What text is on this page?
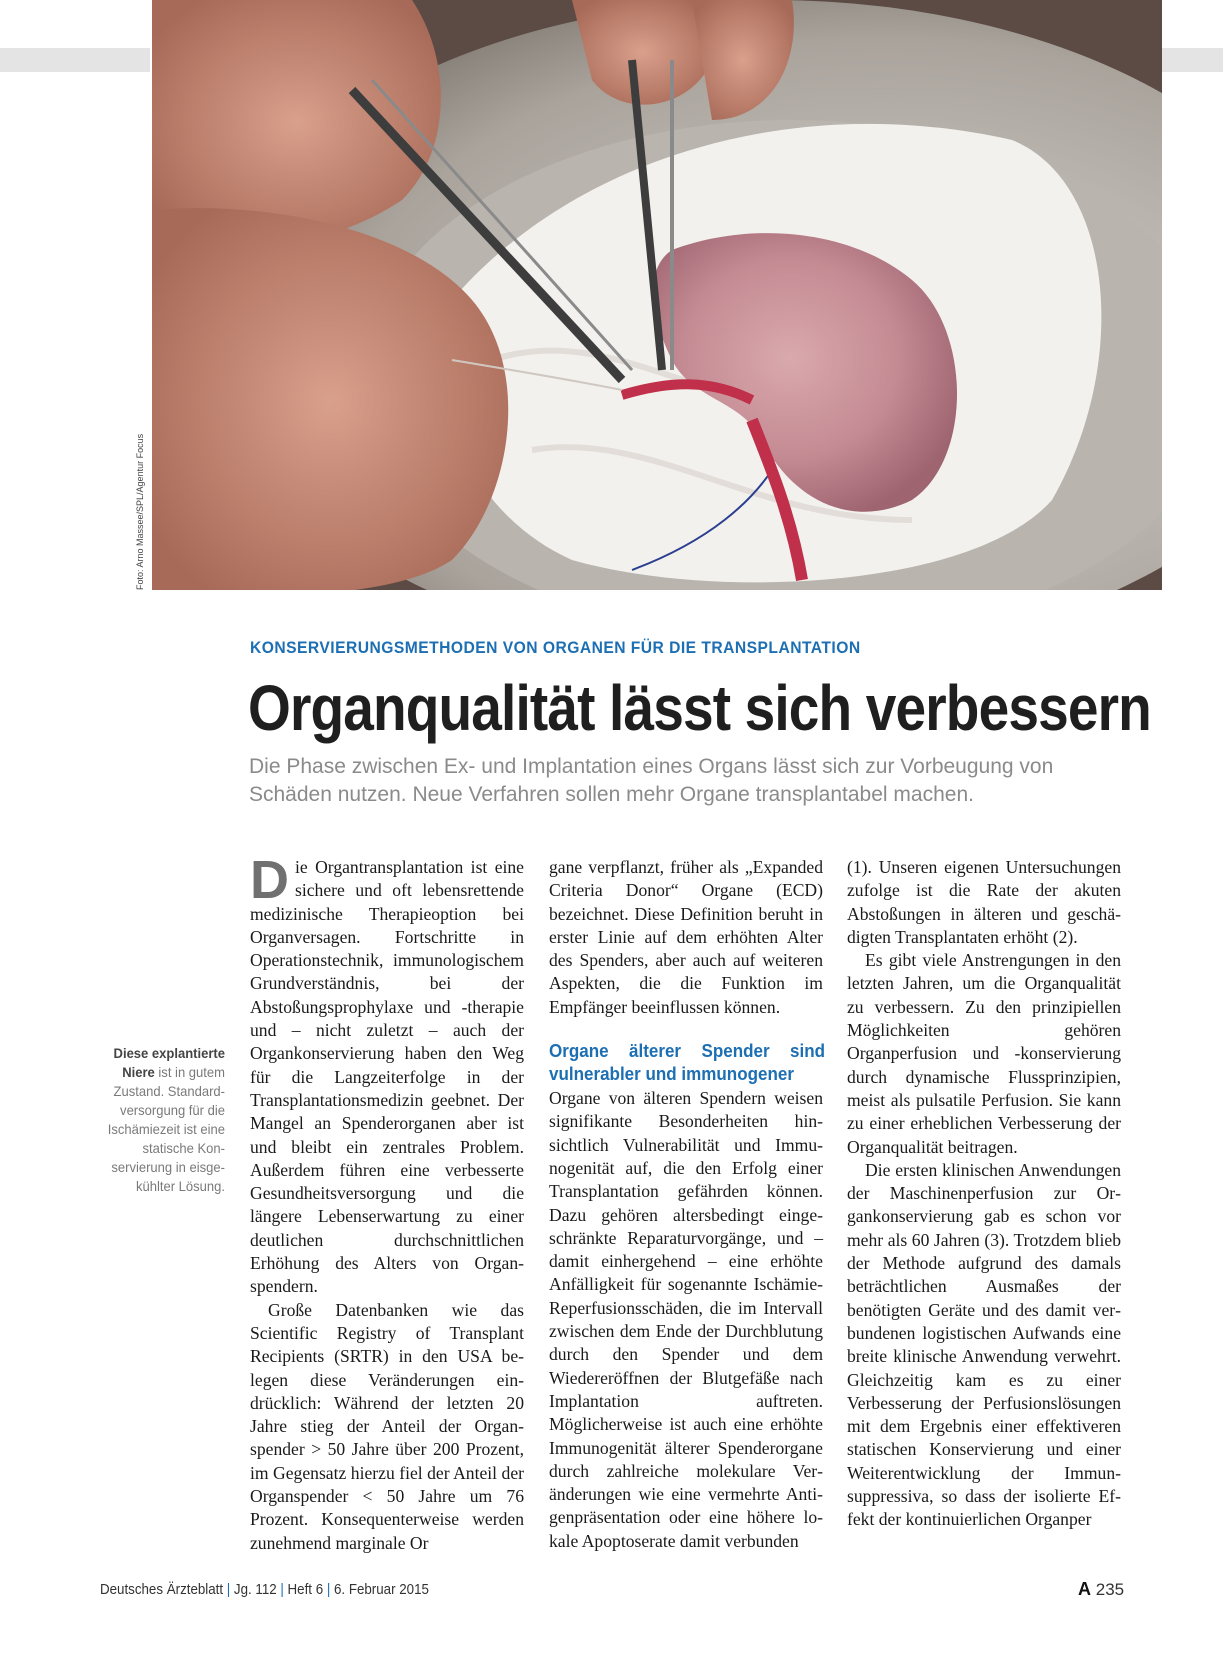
Foto: Arno Massee/SPL/Agentur Focus
KONSERVIERUNGSMETHODEN VON ORGANEN FÜR DIE TRANSPLANTATION
Organqualität lässt sich verbessern
Die Phase zwischen Ex- und Implantation eines Organs lässt sich zur Vorbeugung von Schäden nutzen. Neue Verfahren sollen mehr Organe transplantabel machen.
Diese explantierte Niere ist in gutem Zustand. Standardversorgung für die Ischämiezeit ist eine statische Konservierung in eisgekühlter Lösung.

Die Organtransplantation ist eine sichere und oft lebensrettende medizinische Therapieoption bei Organversagen. Fortschritte in Operationstechnik, immunologischem Grundverständnis, bei der Abstoßungsprophylaxe und -therapie und – nicht zuletzt – auch der Organkonservierung haben den Weg für die Langzeiterfolge in der Transplantationsmedizin geebnet. Der Mangel an Spenderorganen aber ist und bleibt ein zentrales Problem. Außerdem führen eine verbesserte Gesundheitsversorgung und die längere Lebenserwartung zu einer deutlichen durchschnittlichen Erhöhung des Alters von Organspendern.

Große Datenbanken wie das Scientific Registry of Transplant Recipients (SRTR) in den USA belegen diese Veränderungen eindrücklich: Während der letzten 20 Jahre stieg der Anteil der Organspender > 50 Jahre über 200 Prozent, im Gegensatz hierzu fiel der Anteil der Organspender < 50 Jahre um 76 Prozent. Konsequenterweise werden zunehmend marginale Or

gane verpflanzt, früher als „Expanded Criteria Donor“ Organe (ECD) bezeichnet. Diese Definition beruht in erster Linie auf dem erhöhten Alter des Spenders, aber auch auf weiteren Aspekten, die die Funktion im Empfänger beeinflussen können.

Organe älterer Spender sind vulnerabler und immunogener

Organe von älteren Spendern weisen signifikante Besonderheiten hinsichtlich Vulnerabilität und Immunogenität auf, die den Erfolg einer Transplantation gefährden können. Dazu gehören altersbedingt eingeschränkte Reparaturvorgänge, und – damit einhergehend – eine erhöhte Anfälligkeit für sogenannte Ischämie-Reperfusionsschäden, die im Intervall zwischen dem Ende der Durchblutung durch den Spender und dem Wiedereröffnen der Blutgefäße nach Implantation auftreten. Möglicherweise ist auch eine erhöhte Immunogenität älterer Spenderorgane durch zahlreiche molekulare Veränderungen wie eine vermehrte Antigenpräsentation oder eine höhere lokale Apoptoserate damit verbunden

(1). Unseren eigenen Untersuchungen zufolge ist die Rate der akuten Abstoßungen in älteren und geschädigten Transplantaten erhöht (2).

Es gibt viele Anstrengungen in den letzten Jahren, um die Organqualität zu verbessern. Zu den prinzipiellen Möglichkeiten gehören Organperfusion und -konservierung durch dynamische Flussprinzipien, meist als pulsatile Perfusion. Sie kann zu einer erheblichen Verbesserung der Organqualität beitragen.

Die ersten klinischen Anwendungen der Maschinenperfusion zur Organkonservierung gab es schon vor mehr als 60 Jahren (3). Trotzdem blieb der Methode aufgrund des damals beträchtlichen Ausmaßes der benötigten Geräte und des damit verbundenen logistischen Aufwands eine breite klinische Anwendung verwehrt. Gleichzeitig kam es zu einer Verbesserung der Perfusionslösungen mit dem Ergebnis einer effektiveren statischen Konservierung und einer Weiterentwicklung der Immunsuppressiva, so dass der isolierte Effekt der kontinuierlichen Organper

Deutsches Ärzteblatt | Jg. 112 | Heft 6 | 6. Februar 2015	A 235
